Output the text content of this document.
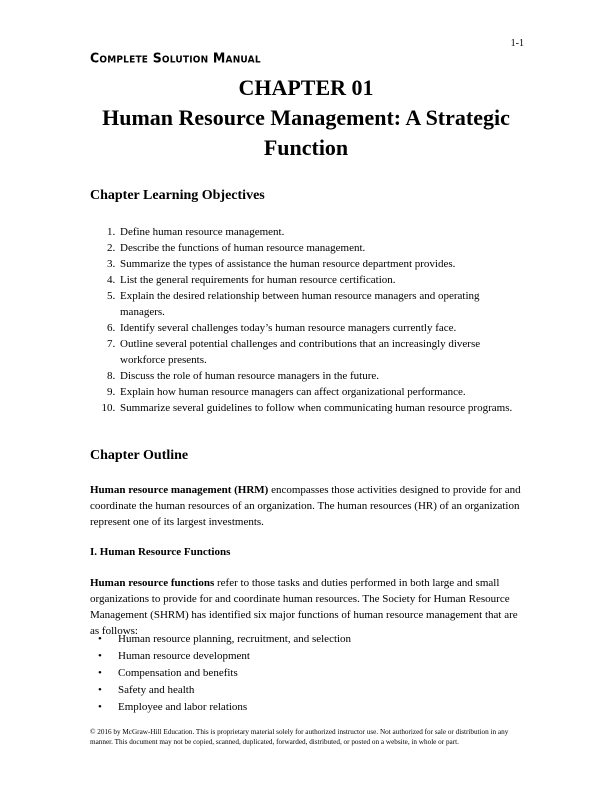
1-1
Complete Solution Manual
CHAPTER 01
Human Resource Management: A Strategic
Function
Chapter Learning Objectives
1. Define human resource management.
2. Describe the functions of human resource management.
3. Summarize the types of assistance the human resource department provides.
4. List the general requirements for human resource certification.
5. Explain the desired relationship between human resource managers and operating managers.
6. Identify several challenges today’s human resource managers currently face.
7. Outline several potential challenges and contributions that an increasingly diverse workforce presents.
8. Discuss the role of human resource managers in the future.
9. Explain how human resource managers can affect organizational performance.
10. Summarize several guidelines to follow when communicating human resource programs.
Chapter Outline

Human resource management (HRM) encompasses those activities designed to provide for and coordinate the human resources of an organization. The human resources (HR) of an organization represent one of its largest investments.

I. Human Resource Functions

Human resource functions refer to those tasks and duties performed in both large and small organizations to provide for and coordinate human resources. The Society for Human Resource Management (SHRM) has identified six major functions of human resource management that are as follows:

• Human resource planning, recruitment, and selection
• Human resource development
• Compensation and benefits
• Safety and health
• Employee and labor relations
© 2016 by McGraw-Hill Education. This is proprietary material solely for authorized instructor use. Not authorized for sale or distribution in any manner. This document may not be copied, scanned, duplicated, forwarded, distributed, or posted on a website, in whole or part.
